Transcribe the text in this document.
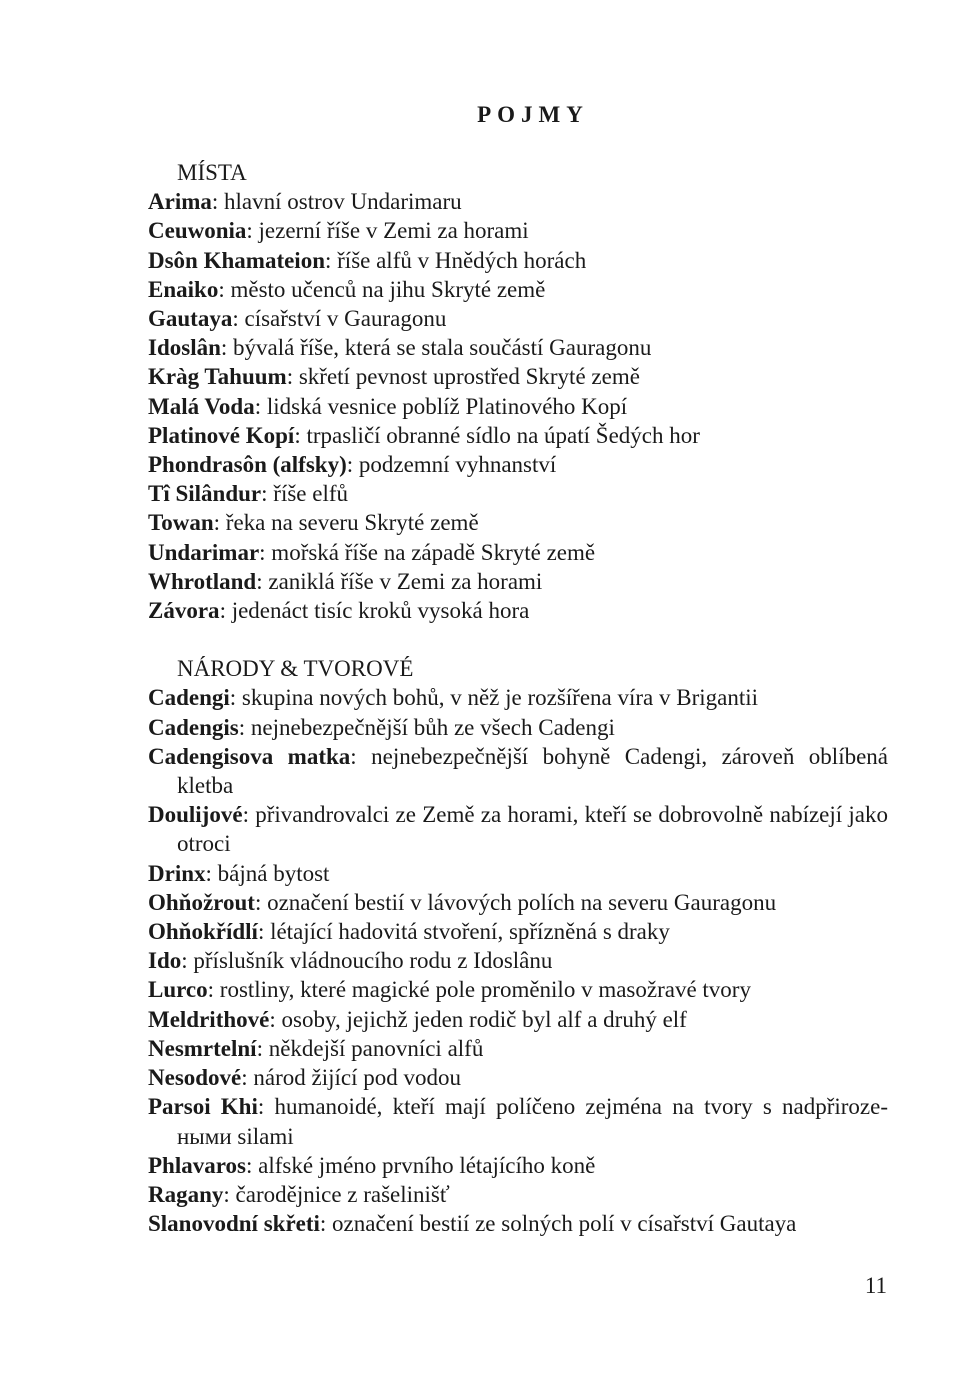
POJMY
MÍSTA
Arima: hlavní ostrov Undarimaru
Ceuwonia: jezerní říše v Zemi za horami
Dsôn Khamateion: říše alfů v Hnědých horách
Enaiko: město učenců na jihu Skryté země
Gautaya: císařství v Gauragonu
Idoslân: bývalá říše, která se stala součástí Gauragonu
Kràg Tahuum: skřetí pevnost uprostřed Skryté země
Malá Voda: lidská vesnice poblíž Platinového Kopí
Platinové Kopí: trpasličí obranné sídlo na úpatí Šedých hor
Phondrasôn (alfsky): podzemní vyhnanství
Tî Silândur: říše elfů
Towan: řeka na severu Skryté země
Undarimar: mořská říše na západě Skryté země
Whrotland: zaniklá říše v Zemi za horami
Závora: jedenáct tisíc kroků vysoká hora
NÁRODY & TVOROVÉ
Cadengi: skupina nových bohů, v něž je rozšířena víra v Brigantii
Cadengis: nejnebezpečnější bůh ze všech Cadengi
Cadengisova matka: nejnebezpečnější bohyně Cadengi, zároveň oblíbená kletba
Doulijové: přivandrovalci ze Země za horami, kteří se dobrovolně nabízejí jako otroci
Drinx: bájná bytost
Ohňožrout: označení bestií v lávových polích na severu Gauragonu
Ohňokřídlí: létající hadovitá stvoření, spřízněná s draky
Ido: příslušník vládnoucího rodu z Idoslânu
Lurco: rostliny, které magické pole proměnilo v masožravé tvory
Meldrithové: osoby, jejichž jeden rodič byl alf a druhý elf
Nesmrtelní: někdejší panovníci alfů
Nesodové: národ žijící pod vodou
Parsoi Khi: humanoidé, kteří mají políčeno zejména na tvory s nadpřiroze-ными silami
Phlavaros: alfské jméno prvního létajícího koně
Ragany: čarodějnice z rašelinišť
Slanovodní skřeti: označení bestií ze solných polí v císařství Gautaya
11
